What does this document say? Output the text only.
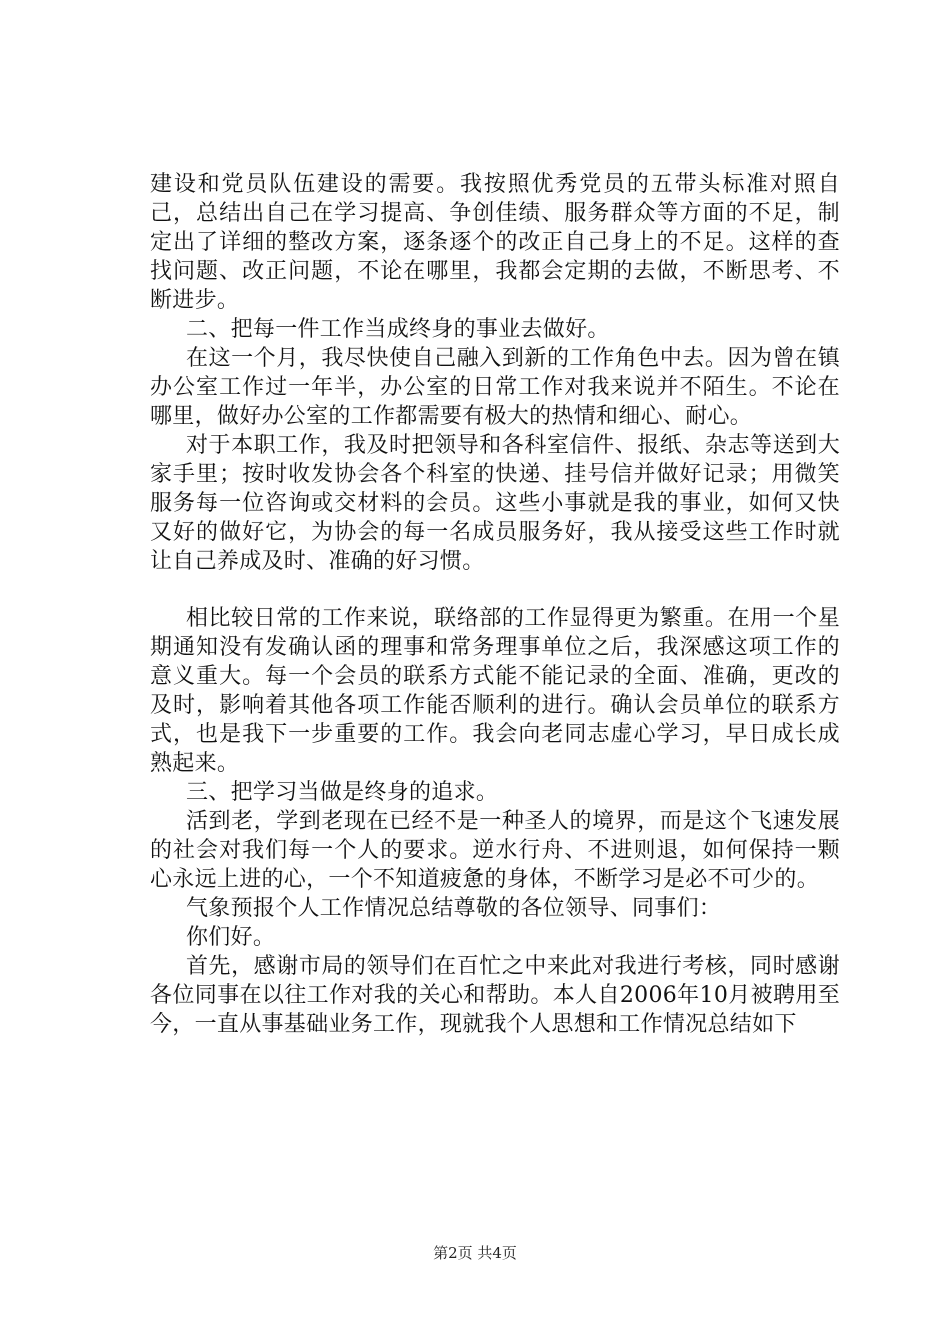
建设和党员队伍建设的需要。我按照优秀党员的五带头标准对照自己，总结出自己在学习提高、争创佳绩、服务群众等方面的不足，制定出了详细的整改方案，逐条逐个的改正自己身上的不足。这样的查找问题、改正问题，不论在哪里，我都会定期的去做，不断思考、不断进步。

二、把每一件工作当成终身的事业去做好。

在这一个月，我尽快使自己融入到新的工作角色中去。因为曾在镇办公室工作过一年半，办公室的日常工作对我来说并不陌生。不论在哪里，做好办公室的工作都需要有极大的热情和细心、耐心。

对于本职工作，我及时把领导和各科室信件、报纸、杂志等送到大家手里；按时收发协会各个科室的快递、挂号信并做好记录；用微笑服务每一位咨询或交材料的会员。这些小事就是我的事业，如何又快又好的做好它，为协会的每一名成员服务好，我从接受这些工作时就让自己养成及时、准确的好习惯。

相比较日常的工作来说，联络部的工作显得更为繁重。在用一个星期通知没有发确认函的理事和常务理事单位之后，我深感这项工作的意义重大。每一个会员的联系方式能不能记录的全面、准确，更改的及时，影响着其他各项工作能否顺利的进行。确认会员单位的联系方式，也是我下一步重要的工作。我会向老同志虚心学习，早日成长成熟起来。

三、把学习当做是终身的追求。

活到老，学到老现在已经不是一种圣人的境界，而是这个飞速发展的社会对我们每一个人的要求。逆水行舟、不进则退，如何保持一颗心永远上进的心，一个不知道疲惫的身体，不断学习是必不可少的。

气象预报个人工作情况总结尊敬的各位领导、同事们：

你们好。

首先，感谢市局的领导们在百忙之中来此对我进行考核，同时感谢各位同事在以往工作对我的关心和帮助。本人自2006年10月被聘用至今，一直从事基础业务工作，现就我个人思想和工作情况总结如下

第2页 共4页
